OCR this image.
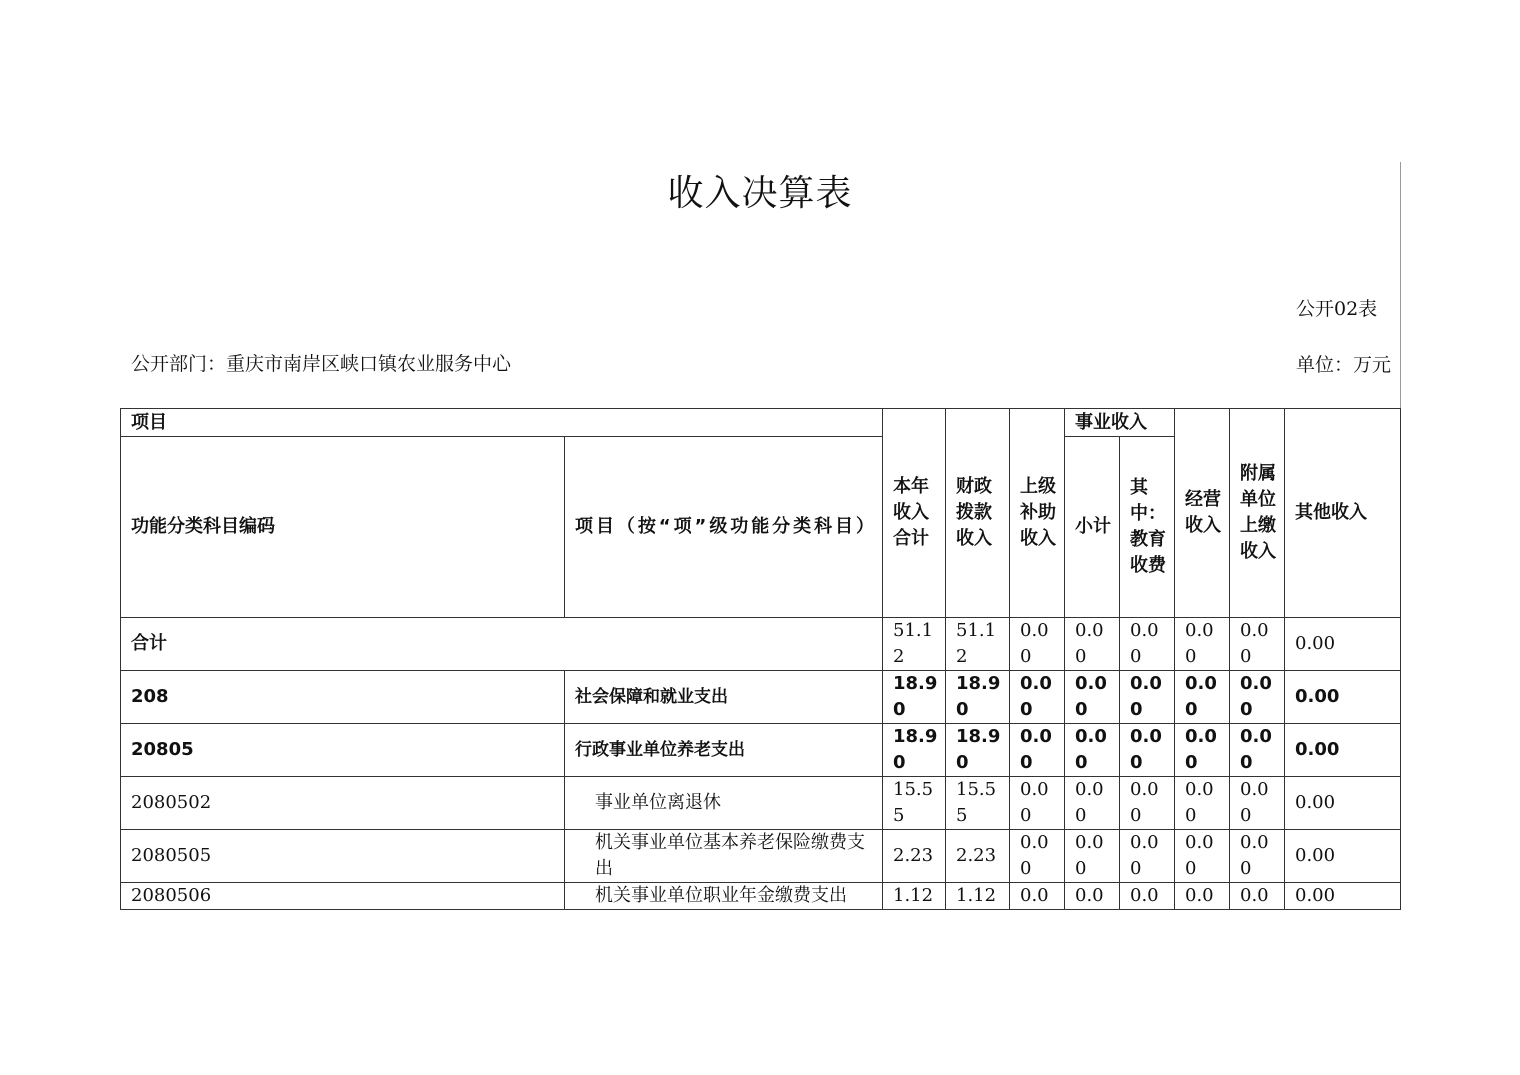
收入决算表
公开部门：重庆市南岸区峡口镇农业服务中心
公开02表
单位：万元
项目		本年收入合计	财政拨款收入	上级补助收入	事业收入		经营收入	附属单位上缴收入	其他收入
功能分类科目编码	项目（按“项”级功能分类科目）				小计	其中：教育收费			
合计		51.12	51.12	0.00	0.00	0.00	0.00	0.00	0.00
208	社会保障和就业支出	18.90	18.90	0.00	0.00	0.00	0.00	0.00	0.00
20805	行政事业单位养老支出	18.90	18.90	0.00	0.00	0.00	0.00	0.00	0.00
2080502	事业单位离退休	15.55	15.55	0.00	0.00	0.00	0.00	0.00	0.00
2080505	机关事业单位基本养老保险缴费支出	2.23	2.23	0.00	0.00	0.00	0.00	0.00	0.00
2080506	机关事业单位职业年金缴费支出	1.12	1.12	0.0	0.0	0.0	0.0	0.0	0.00
